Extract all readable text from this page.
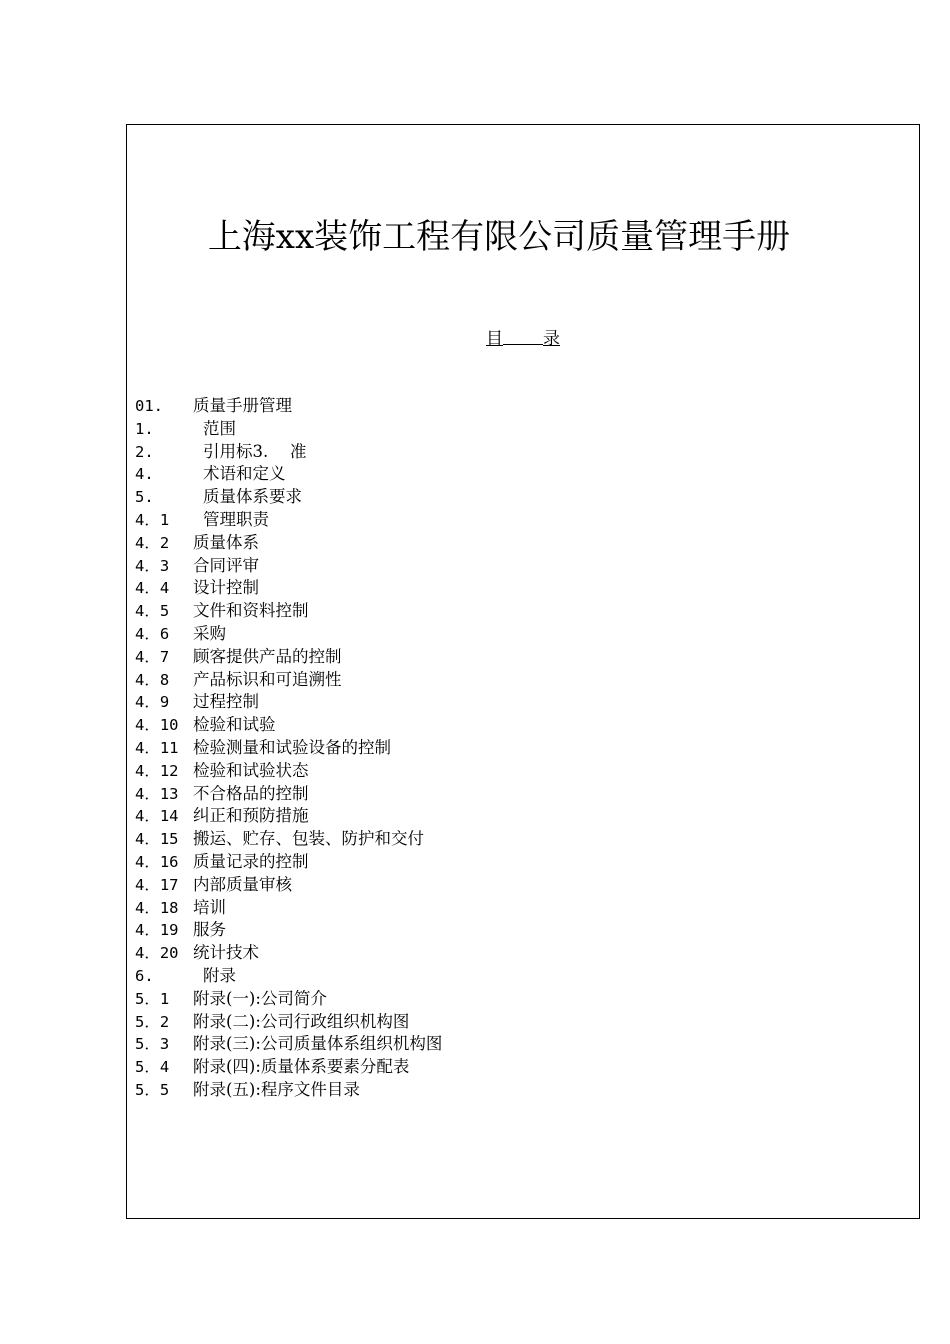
上海xx装饰工程有限公司质量管理手册
目 录
01. 质量手册管理
1.	范围
2.	引用标3.　 准
4.	术语和定义
5.	质量体系要求
4．1 管理职责
4．2 质量体系
4．3 合同评审
4．4 设计控制
4．5 文件和资料控制
4．6 采购
4．7 顾客提供产品的控制
4．8 产品标识和可追溯性
4．9 过程控制
4．10 检验和试验
4．11 检验测量和试验设备的控制
4．12 检验和试验状态
4．13 不合格品的控制
4．14 纠正和预防措施
4．15 搬运、贮存、包装、防护和交付
4．16 质量记录的控制
4．17 内部质量审核
4．18 培训
4．19 服务
4．20 统计技术
6.	附录
5．1 附录(一):公司简介
5．2 附录(二):公司行政组织机构图
5．3 附录(三):公司质量体系组织机构图
5．4 附录(四):质量体系要素分配表
5．5 附录(五):程序文件目录
